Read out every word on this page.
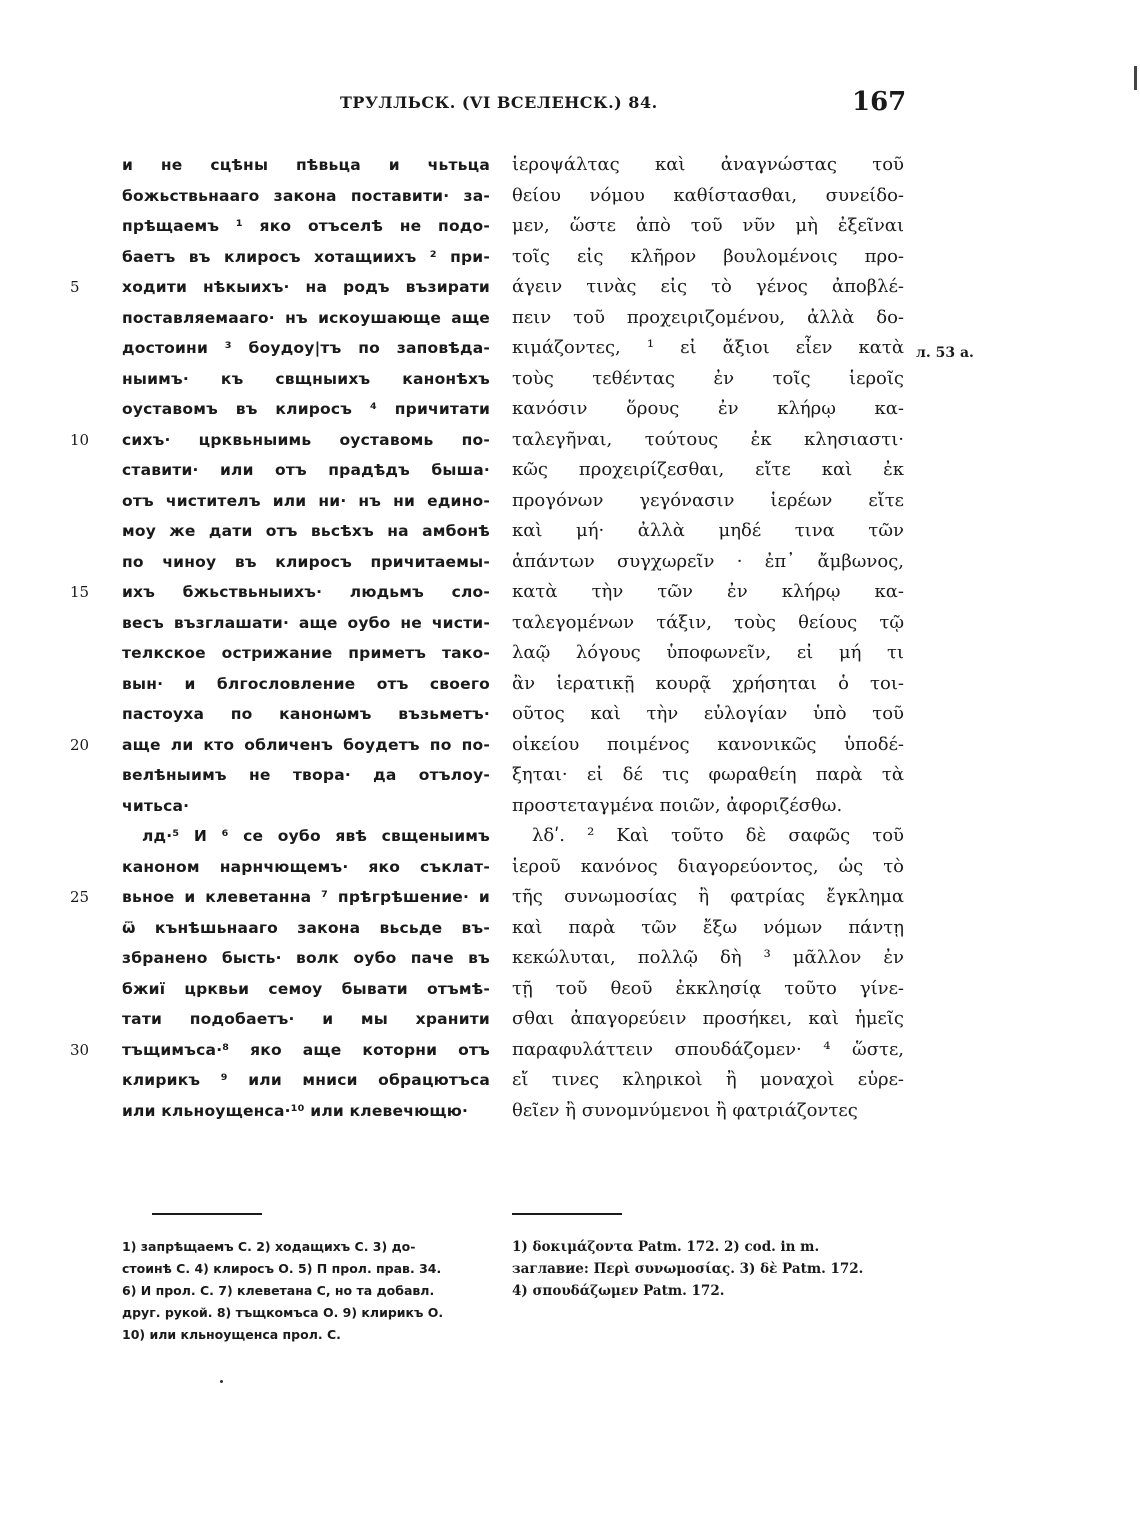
ТРУЛЛЬСК. (VI ВСЕЛЕНСК.) 84.	167
5
10
15
20
25
30
и не сцѣны пѣвьца и чьтьца
божьствьнааго закона поставити· за-
прѣщаемъ ¹ яко отъселѣ не подо-
баетъ въ клиросъ хотащиихъ ² при-
ходити нѣкыихъ· на родъ възирати
поставляемааго· нъ искоушающе аще
достоини ³ боудоу|тъ по заповѣда-
ныимъ· къ свщныихъ канонѣхъ
оуставомъ въ клиросъ ⁴ причитати
сихъ· црквьныимь оуставомь по-
ставити· или отъ прадѣдъ быша·
отъ чистителъ или ни· нъ ни едино-
моу же дати отъ вьсѣхъ на амбонѣ
по чиноу въ клиросъ причитаемы-
ихъ бжьствьныихъ· людьмъ сло-
весъ възглашати· аще оубо не чисти-
телкское острижание приметъ тако-
вын· и блгословление отъ своего
пастоуха по канонωмъ възьметъ·
аще ли кто обличенъ боудетъ по по-
велѣныимъ не твора· да отълоу-
читьса·
лд·⁵ И ⁶ се оубо явѣ свщеныимъ
каноном нарнчющемъ· яко съклат-
вьное и клеветанна ⁷ прѣгрѣшение· и
ѿ кънѣшьнааго закона вьсьде въ-
збранено бысть· волк оубо паче въ
бжиї црквьи семоу бывати отъмѣ-
тати подобаетъ· и мы хранити
тъщимъса·⁸ яко аще которни отъ
клирикъ ⁹ или мниси обрацютъса
или кльноущенса·¹⁰ или клевечющю·
ἱεροψάλτας καὶ ἀναγνώστας τοῦ
θείου νόμου καθίστασθαι, συνείδο-
μεν, ὥστε ἀπὸ τοῦ νῦν μὴ ἐξεῖναι
τοῖς εἰς κλῆρον βουλομένοις προ-
άγειν τινὰς εἰς τὸ γένος ἀποβλέ-
πειν τοῦ προχειριζομένου, ἀλλὰ δο-
κιμάζοντες, ¹ εἰ ἄξιοι εἶεν κατὰ
τοὺς τεθέντας ἐν τοῖς ἱεροῖς
κανόσιν ὅρους ἐν κλήρῳ κα-
ταλεγῆναι, τούτους ἐκ κλησιαστι·
κῶς προχειρίζεσθαι, εἴτε καὶ ἐκ
προγόνων γεγόνασιν ἱερέων εἴτε
καὶ μή· ἀλλὰ μηδέ τινα τῶν
ἁπάντων συγχωρεῖν · ἐπ᾽ ἄμβωνος,
κατὰ τὴν τῶν ἐν κλήρῳ κα-
ταλεγομένων τάξιν, τοὺς θείους τῷ
λαῷ λόγους ὑποφωνεῖν, εἰ μή τι
ἂν ἱερατικῇ κουρᾷ χρήσηται ὁ τοι-
οῦτος καὶ τὴν εὐλογίαν ὑπὸ τοῦ
οἰκείου ποιμένος κανονικῶς ὑποδέ-
ξηται· εἰ δέ τις φωραθείη παρὰ τὰ
προστεταγμένα ποιῶν, ἀφοριζέσθω.
λδʹ. ² Καὶ τοῦτο δὲ σαφῶς τοῦ
ἱεροῦ κανόνος διαγορεύοντος, ὡς τὸ
τῆς συνωμοσίας ἢ φατρίας ἔγκλημα
καὶ παρὰ τῶν ἔξω νόμων πάντῃ
κεκώλυται, πολλῷ δὴ ³ μᾶλλον ἐν
τῇ τοῦ θεοῦ ἐκκλησίᾳ τοῦτο γίνε-
σθαι ἀπαγορεύειν προσήκει, καὶ ἡμεῖς
παραφυλάττειν σπουδάζομεν· ⁴ ὥστε,
εἴ τινες κληρικοὶ ἢ μοναχοὶ εὑρε-
θεῖεν ἢ συνομνύμενοι ἢ φατριάζοντες
л. 53 а.
1) запрѣщаемъ С. 2) ходащихъ С. 3) до-
стоинѣ С. 4) клиросъ О. 5) П прол. прав. 34.
6) И прол. С. 7) клеветана С, но та добавл.
друг. рукой. 8) тъщкомъса О. 9) клирикъ О.
10) или кльноущенса прол. С.
1) δοκιμάζοντα Patm. 172. 2) cod. in m.
заглавие: Περὶ συνωμοσίας. 3) δὲ Patm. 172.
4) σπουδάζωμεν Patm. 172.
